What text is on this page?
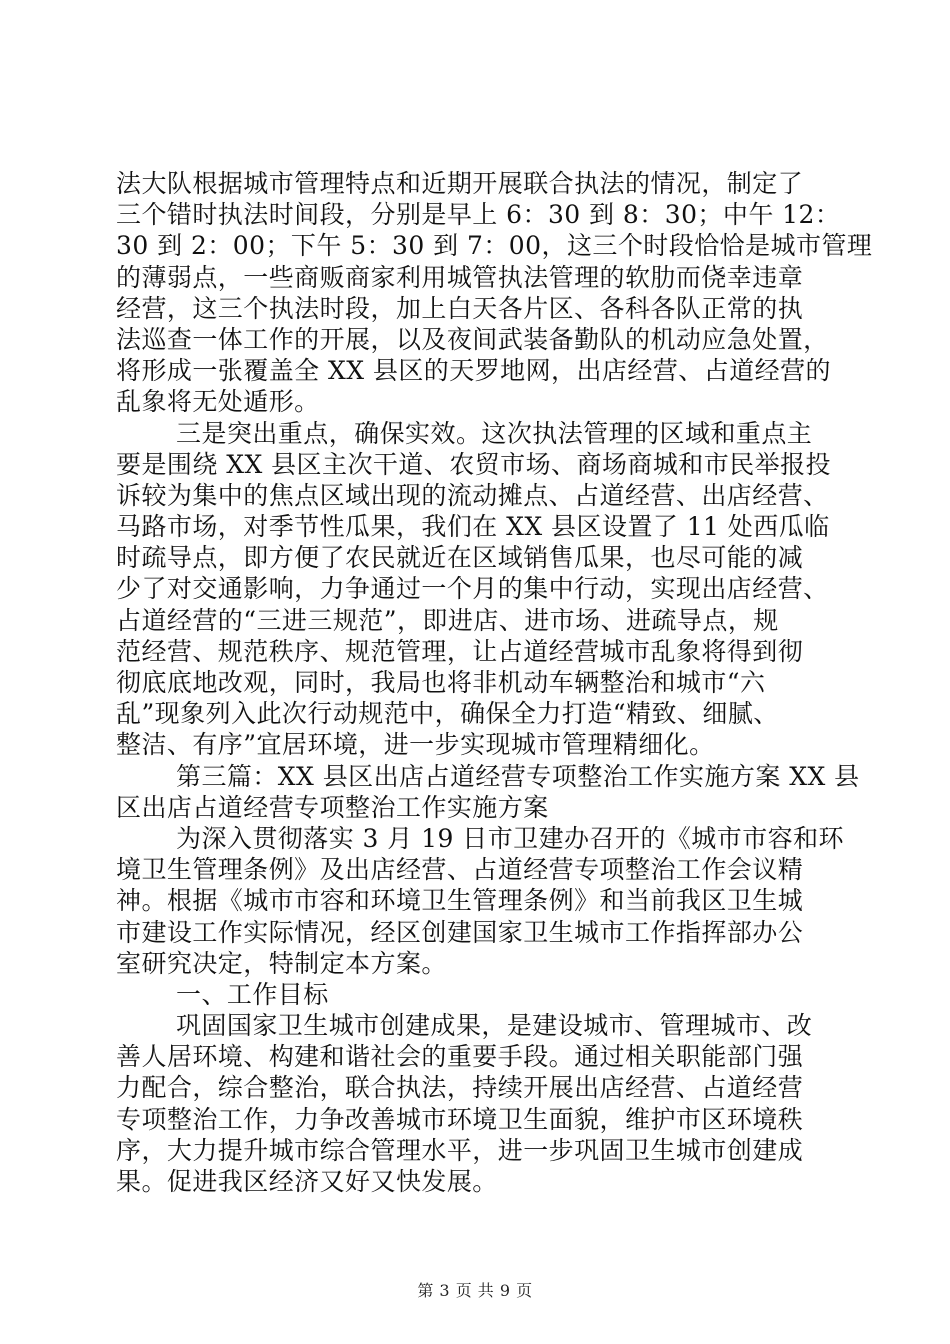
法大队根据城市管理特点和近期开展联合执法的情况，制定了
三个错时执法时间段，分别是早上 6：30 到 8：30；中午 12：
30 到 2：00；下午 5：30 到 7：00，这三个时段恰恰是城市管理
的薄弱点，一些商贩商家利用城管执法管理的软肋而侥幸违章
经营，这三个执法时段，加上白天各片区、各科各队正常的执
法巡查一体工作的开展，以及夜间武装备勤队的机动应急处置，
将形成一张覆盖全 XX 县区的天罗地网，出店经营、占道经营的
乱象将无处遁形。
三是突出重点，确保实效。这次执法管理的区域和重点主
要是围绕 XX 县区主次干道、农贸市场、商场商城和市民举报投
诉较为集中的焦点区域出现的流动摊点、占道经营、出店经营、
马路市场，对季节性瓜果，我们在 XX 县区设置了 11 处西瓜临
时疏导点，即方便了农民就近在区域销售瓜果，也尽可能的减
少了对交通影响，力争通过一个月的集中行动，实现出店经营、
占道经营的“三进三规范”，即进店、进市场、进疏导点，规
范经营、规范秩序、规范管理，让占道经营城市乱象将得到彻
彻底底地改观，同时，我局也将非机动车辆整治和城市“六
乱”现象列入此次行动规范中，确保全力打造“精致、细腻、
整洁、有序”宜居环境，进一步实现城市管理精细化。
第三篇：XX 县区出店占道经营专项整治工作实施方案 XX 县
区出店占道经营专项整治工作实施方案
为深入贯彻落实 3 月 19 日市卫建办召开的《城市市容和环
境卫生管理条例》及出店经营、占道经营专项整治工作会议精
神。根据《城市市容和环境卫生管理条例》和当前我区卫生城
市建设工作实际情况，经区创建国家卫生城市工作指挥部办公
室研究决定，特制定本方案。
一、工作目标
巩固国家卫生城市创建成果，是建设城市、管理城市、改
善人居环境、构建和谐社会的重要手段。通过相关职能部门强
力配合，综合整治，联合执法，持续开展出店经营、占道经营
专项整治工作，力争改善城市环境卫生面貌，维护市区环境秩
序，大力提升城市综合管理水平，进一步巩固卫生城市创建成
果。促进我区经济又好又快发展。
第 3 页 共 9 页
